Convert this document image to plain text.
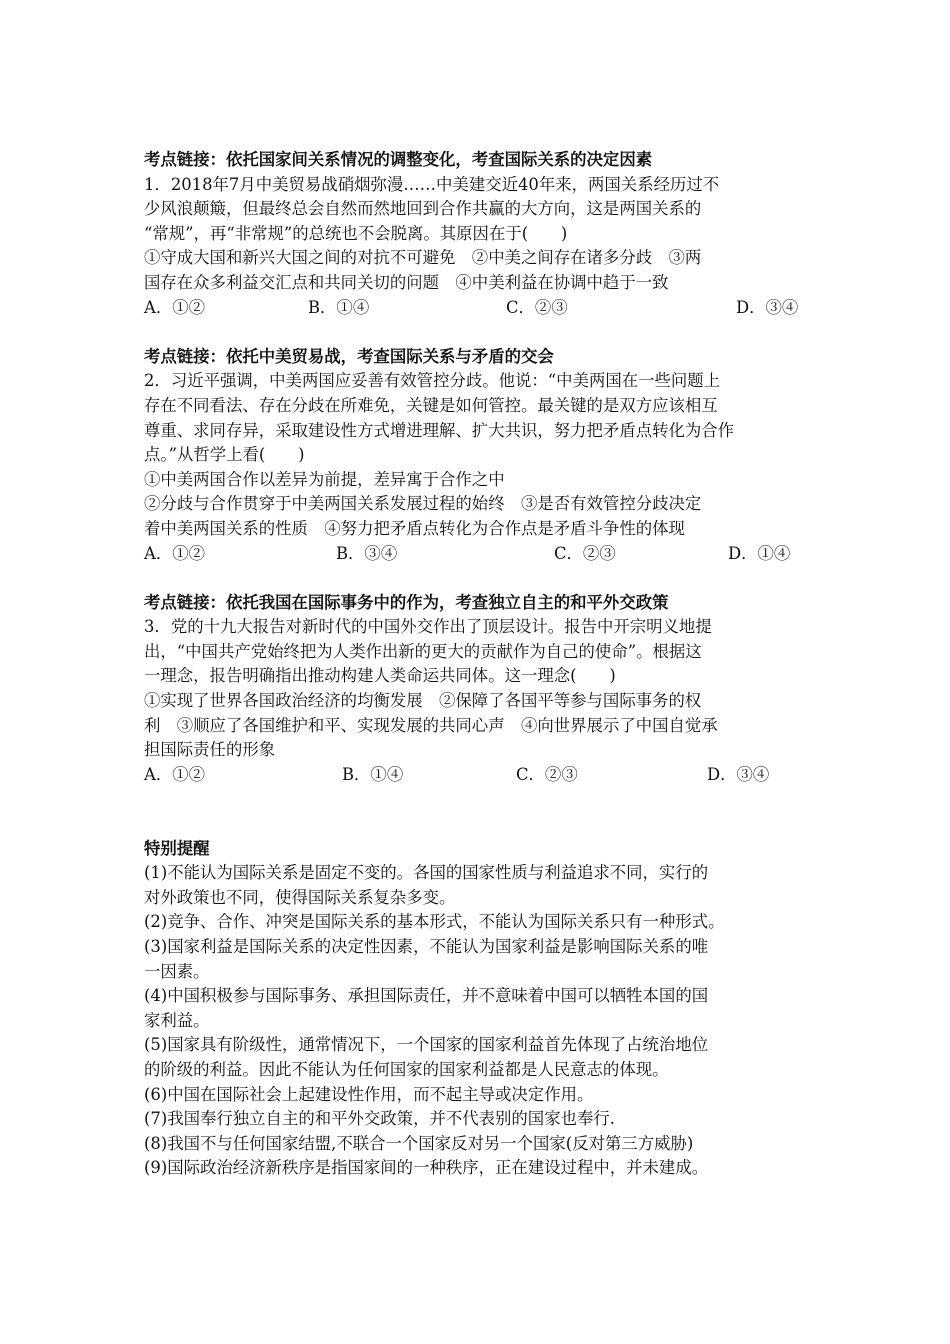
考点链接：依托国家间关系情况的调整变化，考查国际关系的决定因素
1．2018年7月中美贸易战硝烟弥漫……中美建交近40年来，两国关系经历过不
少风浪颠簸，但最终总会自然而然地回到合作共赢的大方向，这是两国关系的
“常规”，再“非常规”的总统也不会脱离。其原因在于(　　)
①守成大国和新兴大国之间的对抗不可避免　②中美之间存在诸多分歧　③两
国存在众多利益交汇点和共同关切的问题　④中美利益在协调中趋于一致
A．①②	B．①④	C．②③	D．③④
考点链接：依托中美贸易战，考查国际关系与矛盾的交会
2．习近平强调，中美两国应妥善有效管控分歧。他说：“中美两国在一些问题上
存在不同看法、存在分歧在所难免，关键是如何管控。最关键的是双方应该相互
尊重、求同存异，采取建设性方式增进理解、扩大共识，努力把矛盾点转化为合作
点。”从哲学上看(　　)
①中美两国合作以差异为前提，差异寓于合作之中
②分歧与合作贯穿于中美两国关系发展过程的始终　③是否有效管控分歧决定
着中美两国关系的性质　④努力把矛盾点转化为合作点是矛盾斗争性的体现
A．①②	B．③④	C．②③	D．①④
考点链接：依托我国在国际事务中的作为，考查独立自主的和平外交政策
3．党的十九大报告对新时代的中国外交作出了顶层设计。报告中开宗明义地提
出，“中国共产党始终把为人类作出新的更大的贡献作为自己的使命”。根据这
一理念，报告明确指出推动构建人类命运共同体。这一理念(　　)
①实现了世界各国政治经济的均衡发展　②保障了各国平等参与国际事务的权
利　③顺应了各国维护和平、实现发展的共同心声　④向世界展示了中国自觉承
担国际责任的形象
A．①②	B．①④	C．②③	D．③④
特别提醒
(1)不能认为国际关系是固定不变的。各国的国家性质与利益追求不同，实行的
对外政策也不同，使得国际关系复杂多变。
(2)竞争、合作、冲突是国际关系的基本形式，不能认为国际关系只有一种形式。
(3)国家利益是国际关系的决定性因素，不能认为国家利益是影响国际关系的唯
一因素。
(4)中国积极参与国际事务、承担国际责任，并不意味着中国可以牺牲本国的国
家利益。
(5)国家具有阶级性，通常情况下，一个国家的国家利益首先体现了占统治地位
的阶级的利益。因此不能认为任何国家的国家利益都是人民意志的体现。
(6)中国在国际社会上起建设性作用，而不起主导或决定作用。
(7)我国奉行独立自主的和平外交政策，并不代表别的国家也奉行.
(8)我国不与任何国家结盟,不联合一个国家反对另一个国家(反对第三方威胁)
(9)国际政治经济新秩序是指国家间的一种秩序，正在建设过程中，并未建成。
